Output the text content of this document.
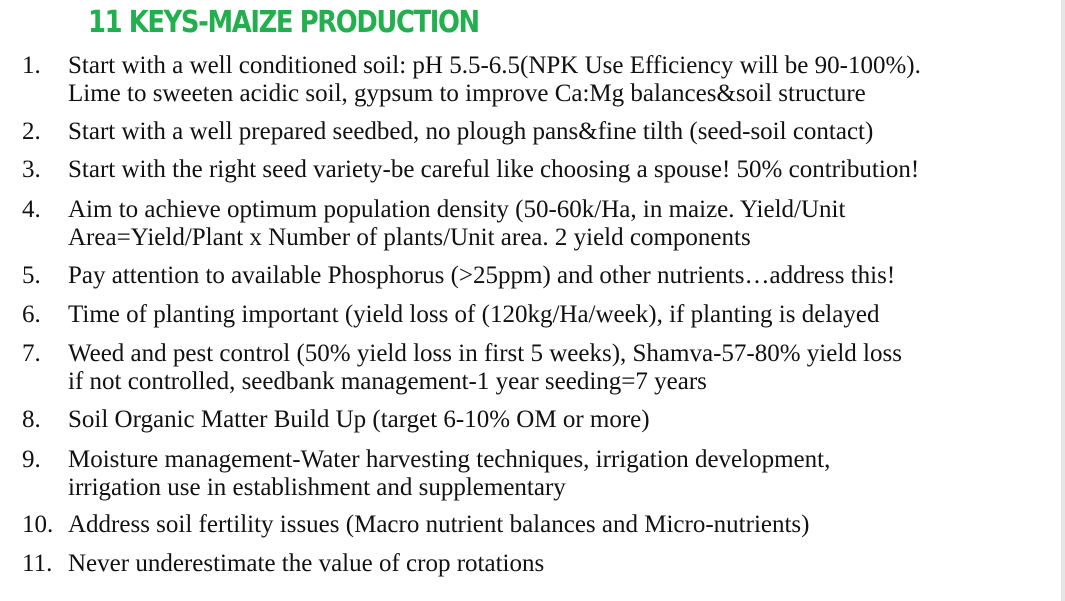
11 KEYS-MAIZE PRODUCTION
1. Start with a well conditioned soil: pH 5.5-6.5(NPK Use Efficiency will be 90-100%).
Lime to sweeten acidic soil, gypsum to improve Ca:Mg balances&soil structure
2. Start with a well prepared seedbed, no plough pans&fine tilth (seed-soil contact)
3. Start with the right seed variety-be careful like choosing a spouse! 50% contribution!
4. Aim to achieve optimum population density (50-60k/Ha, in maize. Yield/Unit
Area=Yield/Plant x Number of plants/Unit area. 2 yield components
5. Pay attention to available Phosphorus (>25ppm) and other nutrients…address this!
6. Time of planting important (yield loss of (120kg/Ha/week), if planting is delayed
7. Weed and pest control (50% yield loss in first 5 weeks), Shamva-57-80% yield loss
if not controlled, seedbank management-1 year seeding=7 years
8. Soil Organic Matter Build Up (target 6-10% OM or more)
9. Moisture management-Water harvesting techniques, irrigation development,
irrigation use in establishment and supplementary
10. Address soil fertility issues (Macro nutrient balances and Micro-nutrients)
11. Never underestimate the value of crop rotations
